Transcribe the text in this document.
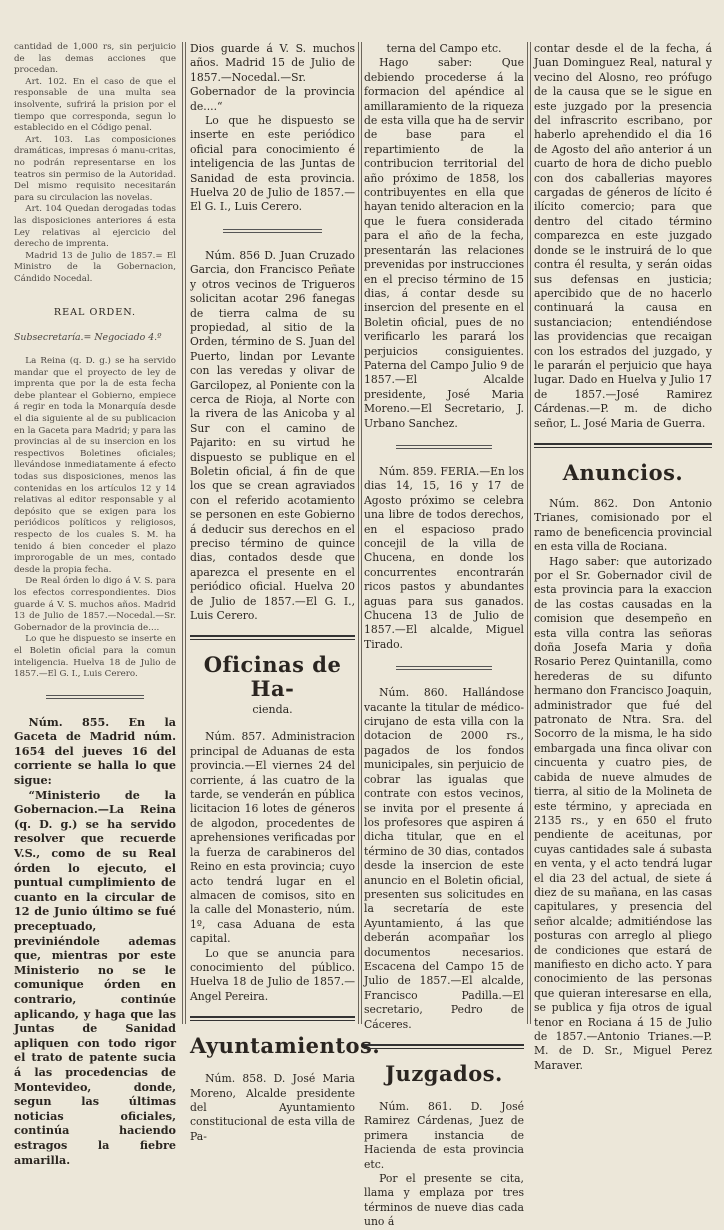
cantidad de 1,000 rs, sin perjuicio de las demas acciones que procedan.

Art. 102. En el caso de que el responsable de una multa sea insolvente, sufrirá la prision por el tiempo que corresponda, segun lo establecido en el Código penal.

Art. 103. Las composiciones dramáticas, impresas ó manu-critas, no podrán representarse en los teatros sin permiso de la Autoridad. Del mismo requisito necesitarán para su circulacion las novelas.

Art. 104 Quedan derogadas todas las disposiciones anteriores á esta Ley relativas al ejercicio del derecho de imprenta.

Madrid 13 de Julio de 1857.= El Ministro de la Gobernacion, Cándido Nocedal.

REAL ORDEN.

Subsecretaría.= Negociado 4.º

La Reina (q. D. g.) se ha servido mandar que el proyecto de ley de imprenta que por la de esta fecha debe plantear el Gobierno, empiece á regir en toda la Monarquía desde el dia siguiente al de su publicacion en la Gaceta para Madrid; y para las provincias al de su insercion en los respectivos Boletines oficiales; llevándose inmediatamente á efecto todas sus disposiciones, menos las contenidas en los artículos 12 y 14 relativas al editor responsable y al depósito que se exigen para los periódicos políticos y religiosos, respecto de los cuales S. M. ha tenido á bien conceder el plazo improrogable de un mes, contado desde la propia fecha.

De Real órden lo digo á V. S. para los efectos correspondientes. Dios guarde á V. S. muchos años. Madrid 13 de Julio de 1857.—Nocedal.—Sr. Gobernador de la provincia de....

Lo que he dispuesto se inserte en el Boletin oficial para la comun inteligencia. Huelva 18 de Julio de 1857.—El G. I., Luis Cerero.

Núm. 855. En la Gaceta de Madrid núm. 1654 del jueves 16 del corriente se halla lo que sigue:

“Ministerio de la Gobernacion.—La Reina (q. D. g.) se ha servido resolver que recuerde V.S., como de su Real órden lo ejecuto, el puntual cumplimiento de cuanto en la circular de 12 de Junio último se fué preceptuado, previniéndole ademas que, mientras por este Ministerio no se le comunique órden en contrario, continúe aplicando, y haga que las Juntas de Sanidad apliquen con todo rigor el trato de patente sucia á las procedencias de Montevideo, donde, segun las últimas noticias oficiales, continúa haciendo estragos la fiebre amarilla.

Dios guarde á V. S. muchos años. Madrid 15 de Julio de 1857.—Nocedal.—Sr. Gobernador de la provincia de....“

Lo que he dispuesto se inserte en este periódico oficial para conocimiento é inteligencia de las Juntas de Sanidad de esta provincia. Huelva 20 de Julio de 1857.—El G. I., Luis Cerero.

Núm. 856 D. Juan Cruzado Garcia, don Francisco Peñate y otros vecinos de Trigueros solicitan acotar 296 fanegas de tierra calma de su propiedad, al sitio de la Orden, término de S. Juan del Puerto, lindan por Levante con las veredas y olivar de Garcilopez, al Poniente con la cerca de Rioja, al Norte con la rivera de las Anicoba y al Sur con el camino de Pajarito: en su virtud he dispuesto se publique en el Boletin oficial, á fin de que los que se crean agraviados con el referido acotamiento se personen en este Gobierno á deducir sus derechos en el preciso término de quince dias, contados desde que aparezca el presente en el periódico oficial. Huelva 20 de Julio de 1857.—El G. I., Luis Cerero.

Oficinas de Ha-
cienda.

Núm. 857. Administracion principal de Aduanas de esta provincia.—El viernes 24 del corriente, á las cuatro de la tarde, se venderán en pública licitacion 16 lotes de géneros de algodon, procedentes de aprehensiones verificadas por la fuerza de carabineros del Reino en esta provincia; cuyo acto tendrá lugar en el almacen de comisos, sito en la calle del Monasterio, núm. 1º, casa Aduana de esta capital.

Lo que se anuncia para conocimiento del público. Huelva 18 de Julio de 1857.—Angel Pereira.

Ayuntamientos.

Núm. 858. D. José Maria Moreno, Alcalde presidente del Ayuntamiento constitucional de esta villa de Pa-

terna del Campo etc.

Hago saber: Que debiendo procederse á la formacion del apéndice al amillaramiento de la riqueza de esta villa que ha de servir de base para el repartimiento de la contribucion territorial del año próximo de 1858, los contribuyentes en ella que hayan tenido alteracion en la que le fuera considerada para el año de la fecha, presentarán las relaciones prevenidas por instrucciones en el preciso término de 15 dias, á contar desde su insercion del presente en el Boletin oficial, pues de no verificarlo les parará los perjuicios consiguientes. Paterna del Campo Julio 9 de 1857.—El Alcalde presidente, José Maria Moreno.—El Secretario, J. Urbano Sanchez.

Núm. 859. FERIA.—En los dias 14, 15, 16 y 17 de Agosto próximo se celebra una libre de todos derechos, en el espacioso prado concejil de la villa de Chucena, en donde los concurrentes encontrarán ricos pastos y abundantes aguas para sus ganados. Chucena 13 de Julio de 1857.—El alcalde, Miguel Tirado.

Núm. 860. Hallándose vacante la titular de médico-cirujano de esta villa con la dotacion de 2000 rs., pagados de los fondos municipales, sin perjuicio de cobrar las igualas que contrate con estos vecinos, se invita por el presente á los profesores que aspiren á dicha titular, que en el término de 30 dias, contados desde la insercion de este anuncio en el Boletin oficial, presenten sus solicitudes en la secretaría de este Ayuntamiento, á las que deberán acompañar los documentos necesarios. Escacena del Campo 15 de Julio de 1857.—El alcalde, Francisco Padilla.—El secretario, Pedro de Cáceres.

Juzgados.

Núm. 861. D. José Ramirez Cárdenas, Juez de primera instancia de Hacienda de esta provincia etc.

Por el presente se cita, llama y emplaza por tres términos de nueve dias cada uno á

contar desde el de la fecha, á Juan Dominguez Real, natural y vecino del Alosno, reo prófugo de la causa que se le sigue en este juzgado por la presencia del infrascrito escribano, por haberlo aprehendido el dia 16 de Agosto del año anterior á un cuarto de hora de dicho pueblo con dos caballerias mayores cargadas de géneros de lícito é ilícito comercio; para que dentro del citado término comparezca en este juzgado donde se le instruirá de lo que contra él resulta, y serán oidas sus defensas en justicia; apercibido que de no hacerlo continuará la causa en sustanciacion; entendiéndose las providencias que recaigan con los estrados del juzgado, y le pararán el perjuicio que haya lugar. Dado en Huelva y Julio 17 de 1857.—José Ramirez Cárdenas.—P. m. de dicho señor, L. José Maria de Guerra.

Anuncios.

Núm. 862. Don Antonio Trianes, comisionado por el ramo de beneficencia provincial en esta villa de Rociana.

Hago saber: que autorizado por el Sr. Gobernador civil de esta provincia para la exaccion de las costas causadas en la comision que desempeño en esta villa contra las señoras doña Josefa Maria y doña Rosario Perez Quintanilla, como herederas de su difunto hermano don Francisco Joaquin, administrador que fué del patronato de Ntra. Sra. del Socorro de la misma, le ha sido embargada una finca olivar con cincuenta y cuatro pies, de cabida de nueve almudes de tierra, al sitio de la Molineta de este término, y apreciada en 2135 rs., y en 650 el fruto pendiente de aceitunas, por cuyas cantidades sale á subasta en venta, y el acto tendrá lugar el dia 23 del actual, de siete á diez de su mañana, en las casas capitulares, y presencia del señor alcalde; admitiéndose las posturas con arreglo al pliego de condiciones que estará de manifiesto en dicho acto. Y para conocimiento de las personas que quieran interesarse en ella, se publica y fija otros de igual tenor en Rociana á 15 de Julio de 1857.—Antonio Trianes.—P. M. de D. Sr., Miguel Perez Maraver.
